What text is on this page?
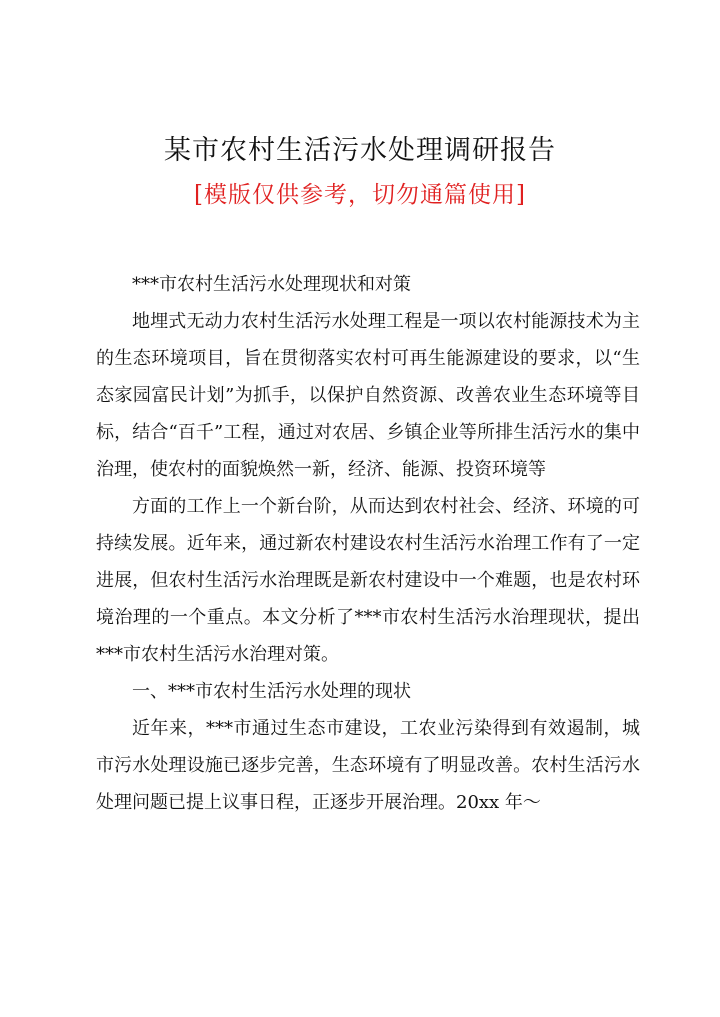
某市农村生活污水处理调研报告
[模版仅供参考，切勿通篇使用]

***市农村生活污水处理现状和对策

地埋式无动力农村生活污水处理工程是一项以农村能源技术为主的生态环境项目，旨在贯彻落实农村可再生能源建设的要求，以“生态家园富民计划”为抓手，以保护自然资源、改善农业生态环境等目标，结合“百千”工程，通过对农居、乡镇企业等所排生活污水的集中治理，使农村的面貌焕然一新，经济、能源、投资环境等

方面的工作上一个新台阶，从而达到农村社会、经济、环境的可持续发展。近年来，通过新农村建设农村生活污水治理工作有了一定进展，但农村生活污水治理既是新农村建设中一个难题，也是农村环境治理的一个重点。本文分析了***市农村生活污水治理现状，提出***市农村生活污水治理对策。

一、***市农村生活污水处理的现状

近年来，***市通过生态市建设，工农业污染得到有效遏制，城市污水处理设施已逐步完善，生态环境有了明显改善。农村生活污水处理问题已提上议事日程，正逐步开展治理。20xx 年～
